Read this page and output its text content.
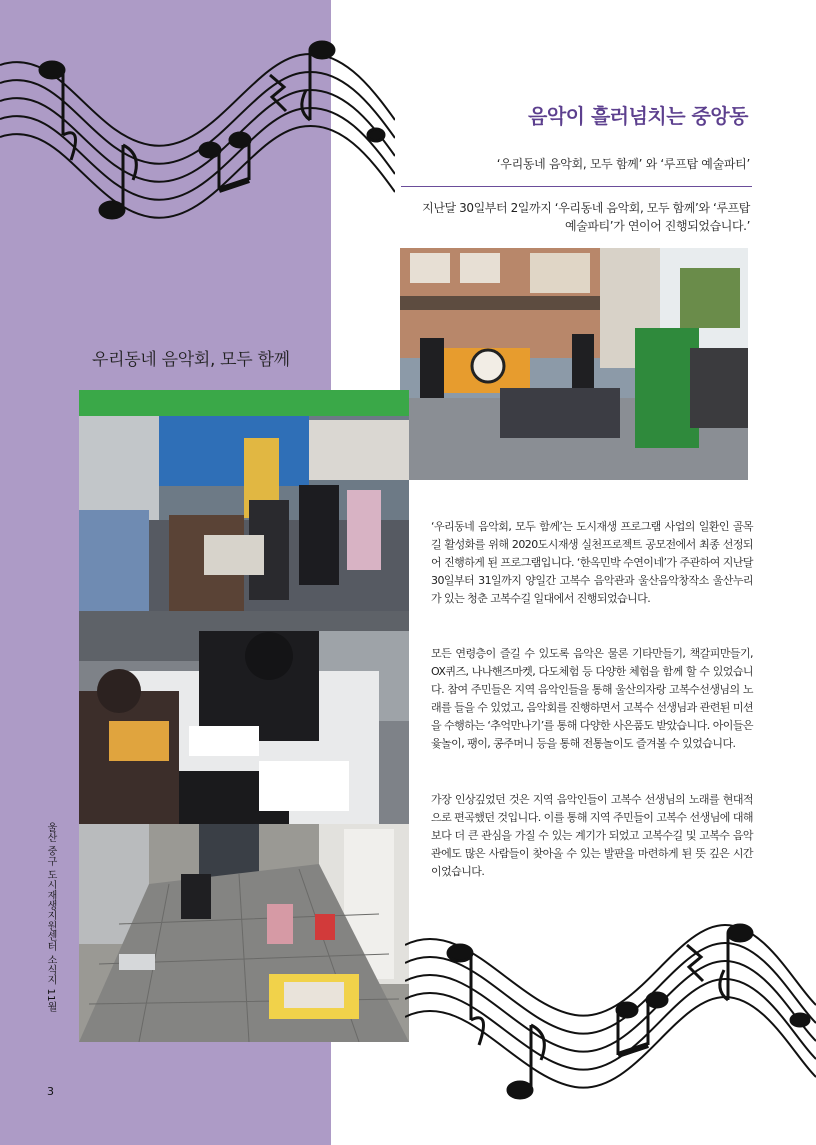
음악이 흘러넘치는 중앙동
‘우리동네 음악회, 모두 함께’ 와 ‘루프탑 예술파티’
지난달 30일부터 2일까지 ‘우리동네 음악회, 모두 함께’와 ‘루프탑 예술파티’가 연이어 진행되었습니다.’
우리동네 음악회, 모두 함께
‘우리동네 음악회, 모두 함께’는 도시재생 프로그램 사업의 일환인 골목길 활성화를 위해 2020도시재생 실천프로젝트 공모전에서 최종 선정되어 진행하게 된 프로그램입니다. ‘한옥민박 수연이네’가 주관하여 지난달 30일부터 31일까지 양일간 고복수 음악관과 울산음악창작소 울산누리가 있는 청춘 고복수길 일대에서 진행되었습니다.
모든 연령층이 즐길 수 있도록 음악은 물론 기타만들기, 책갈피만들기, OX퀴즈, 나나핸즈마켓, 다도체험 등 다양한 체험을 함께 할 수 있었습니다. 참여 주민들은 지역 음악인들을 통해 울산의자랑 고복수선생님의 노래를 들을 수 있었고, 음악회를 진행하면서 고복수 선생님과 관련된 미션을 수행하는 ‘추억만나기’를 통해 다양한 사은품도 받았습니다. 아이들은 윷놀이, 팽이, 콩주머니 등을 통해 전통놀이도 즐겨볼 수 있었습니다.
가장 인상깊었던 것은 지역 음악인들이 고복수 선생님의 노래를 현대적으로 편곡했던 것입니다. 이를 통해 지역 주민들이 고복수 선생님에 대해 보다 더 큰 관심을 가질 수 있는 계기가 되었고 고복수길 및 고복수 음악관에도 많은 사람들이 찾아올 수 있는 발판을 마련하게 된 뜻 깊은 시간이었습니다.
울산 중구 도시재생지원센터 소식지 11월
3
